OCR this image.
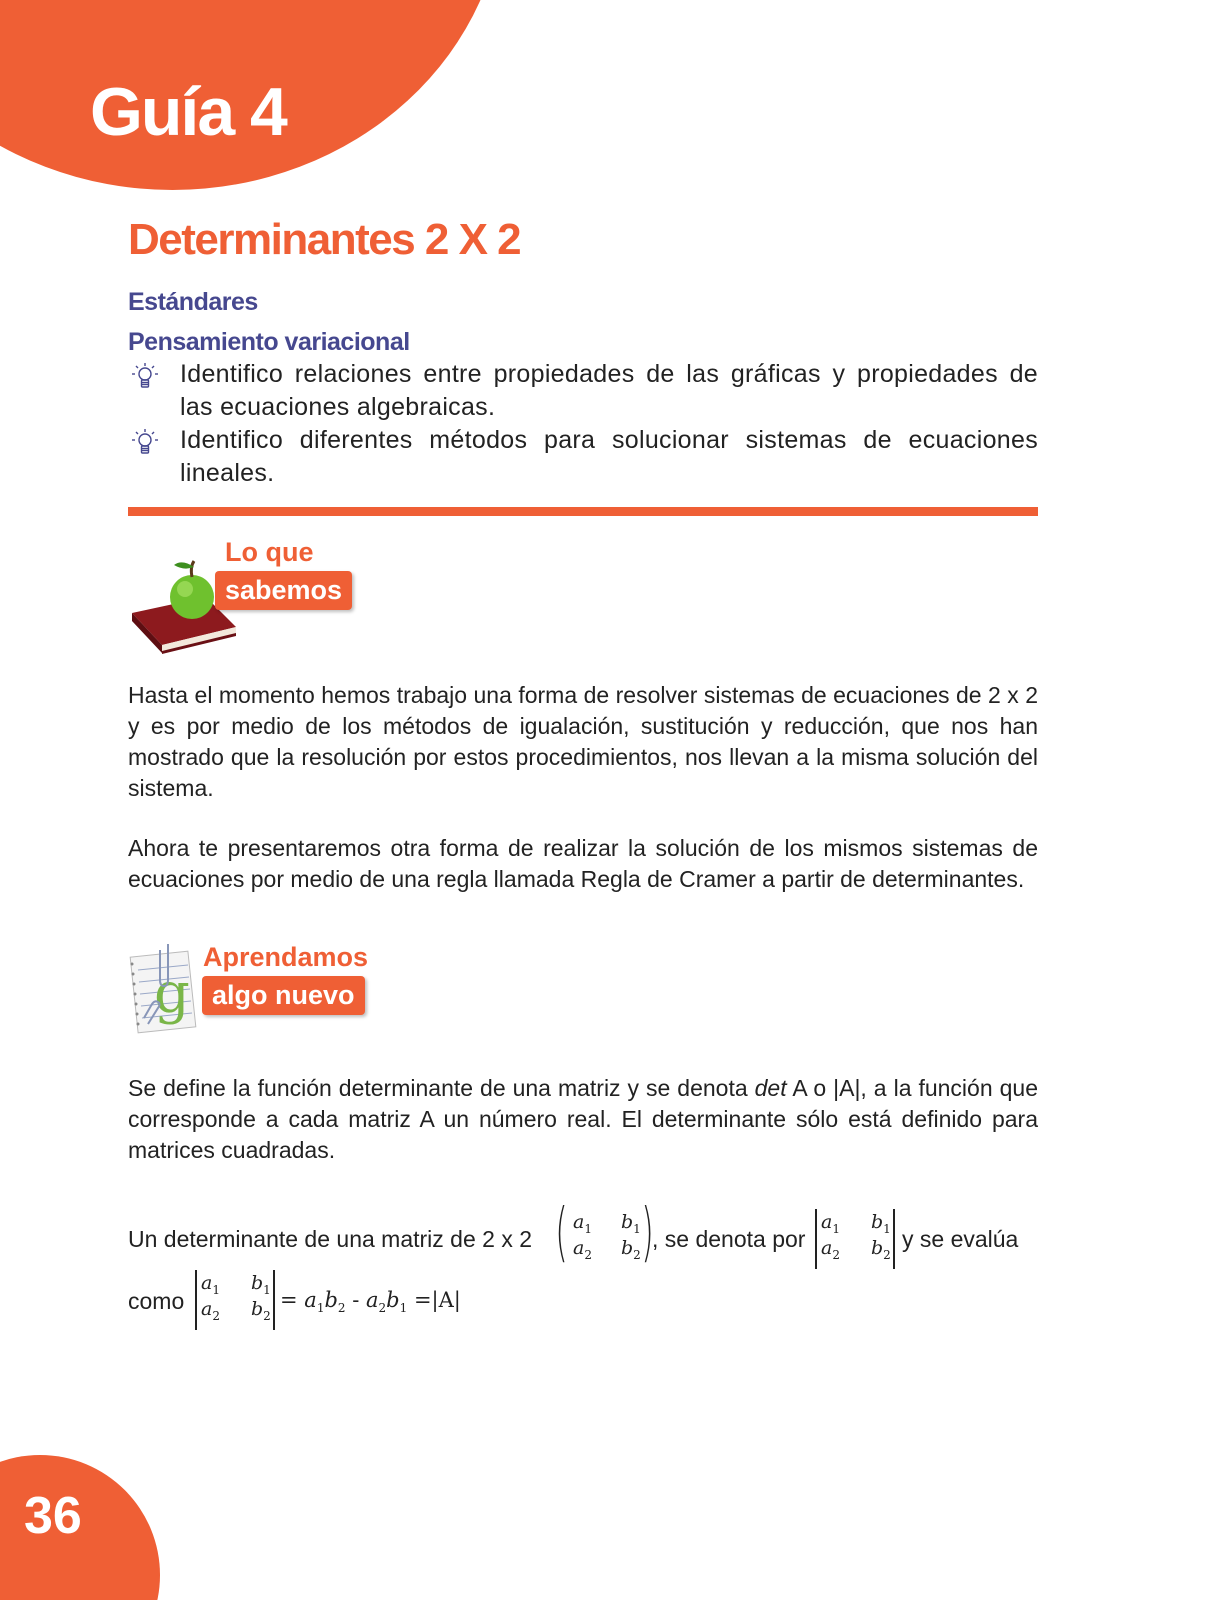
Guía 4
Determinantes 2 X 2
Estándares
Pensamiento variacional
Identifico relaciones entre propiedades de las gráficas y propiedades de las ecuaciones algebraicas.
Identifico diferentes métodos para solucionar sistemas de ecuaciones lineales.
Lo que
sabemos

Hasta el momento hemos trabajo una forma de resolver sistemas de ecuaciones de 2 x 2 y es por medio de los métodos de igualación, sustitución y reducción, que nos han mostrado que la resolución por estos procedimientos, nos llevan a la misma solución del sistema.

Ahora te presentaremos otra forma de realizar la solución de los mismos sistemas de ecuaciones por medio de una regla llamada Regla de Cramer a partir de determinantes.

g
Aprendamos
algo nuevo

Se define la función determinante de una matriz y se denota det A o |A|, a la función que corresponde a cada matriz A un número real. El determinante sólo está definido para matrices cuadradas.

Un determinante de una matriz de 2 x 2 ( $a_1$ $b_1$
$a_2$ $b_2$ )
, se denota por
$a_1$ $b_1$
$a_2$ $b_2$
y se evalúa
como
$a_1$ $b_1$
$a_2$ $b_2$
= $a_1b_2 - a_2b_1 =|A|$
36
